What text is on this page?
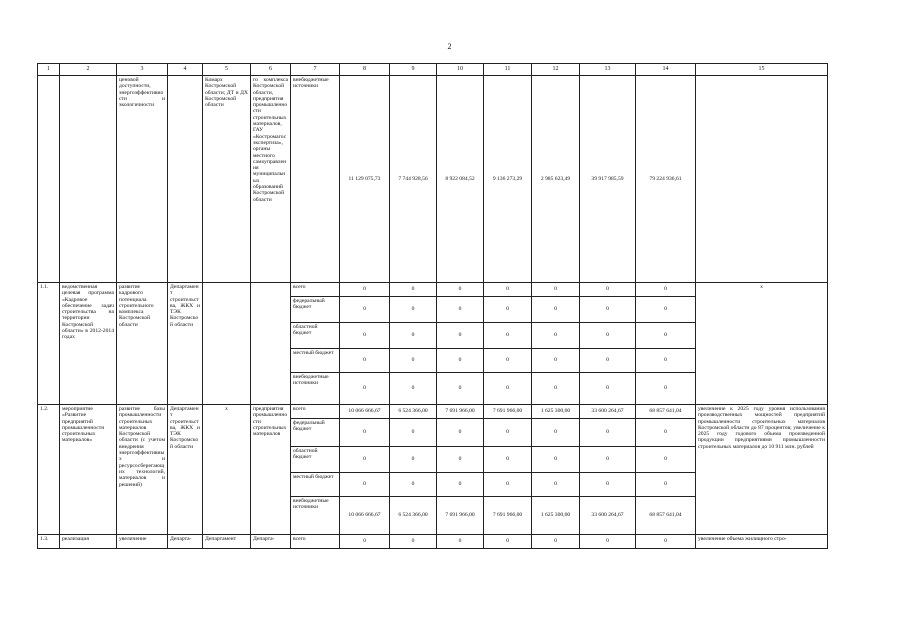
2
1	2	3	4	5	6	7	8	9	10	11	12	13	14	15
		ценовой доступности, энергоэффективности и экологичности		Комарх Костромской области; ДТ и ДХ Костромской области	го комплекса Костромской области, предприятия промышленности строительных материалов, ГАУ «Костромагосэкспертиза», органы местного самоуправления муниципальных образований Костромской области	внебюджетные источники	11 129 075,73	7 744 928,56	8 922 084,52	9 136 273,29	2 985 623,49	39 917 985,59	79 224 936,61	
1.1.	ведомственная целевая программа «Кадровое обеспечение задач строительства на территории Костромской области» в 2012-2014 годах	развитие кадрового потенциала строительного комплекса Костромской области	Департамент строительства, ЖКХ и ТЭК Костромской области			всего	0	0	0	0	0	0	0	х
						федеральный бюджет	0	0	0	0	0	0	0	
						областной бюджет	0	0	0	0	0	0	0	
						местный бюджет	0	0	0	0	0	0	0	
						внебюджетные источники	0	0	0	0	0	0	0	
1.2.	мероприятие «Развитие предприятий промышленности строительных материалов»	развитие базы промышленности строительных материалов Костромской области (с учетом внедрения энергоэффективных и ресурсосберегающих технологий, материалов и решений)	Департамент строительства, ЖКХ и ТЭК Костромской области	х	предприятия промышленности строительных материалов	всего	10 066 666,67	6 524 366,00	7 691 966,00	7 691 966,00	1 625 300,00	33 600 264,67	68 857 641,04	увеличение к 2025 году уровня использования производственных мощностей предприятий промышленности строительных материалов Костромской области до 87 процентов; увеличение к 2025 году годового объема произведенной продукции предприятиями промышленности строительных материалов до 10 911 млн. рублей
						федеральный бюджет	0	0	0	0	0	0	0	
						областной бюджет	0	0	0	0	0	0	0	
						местный бюджет	0	0	0	0	0	0	0	
						внебюджетные источники	10 066 666,67	6 524 366,00	7 691 966,00	7 691 966,00	1 625 300,00	33 600 264,67	68 857 641,04	
1.3.	реализация	увеличение	Департа-	Департамент	Департа-	всего	0	0	0	0	0	0	0	увеличение объема жилищного стро-
